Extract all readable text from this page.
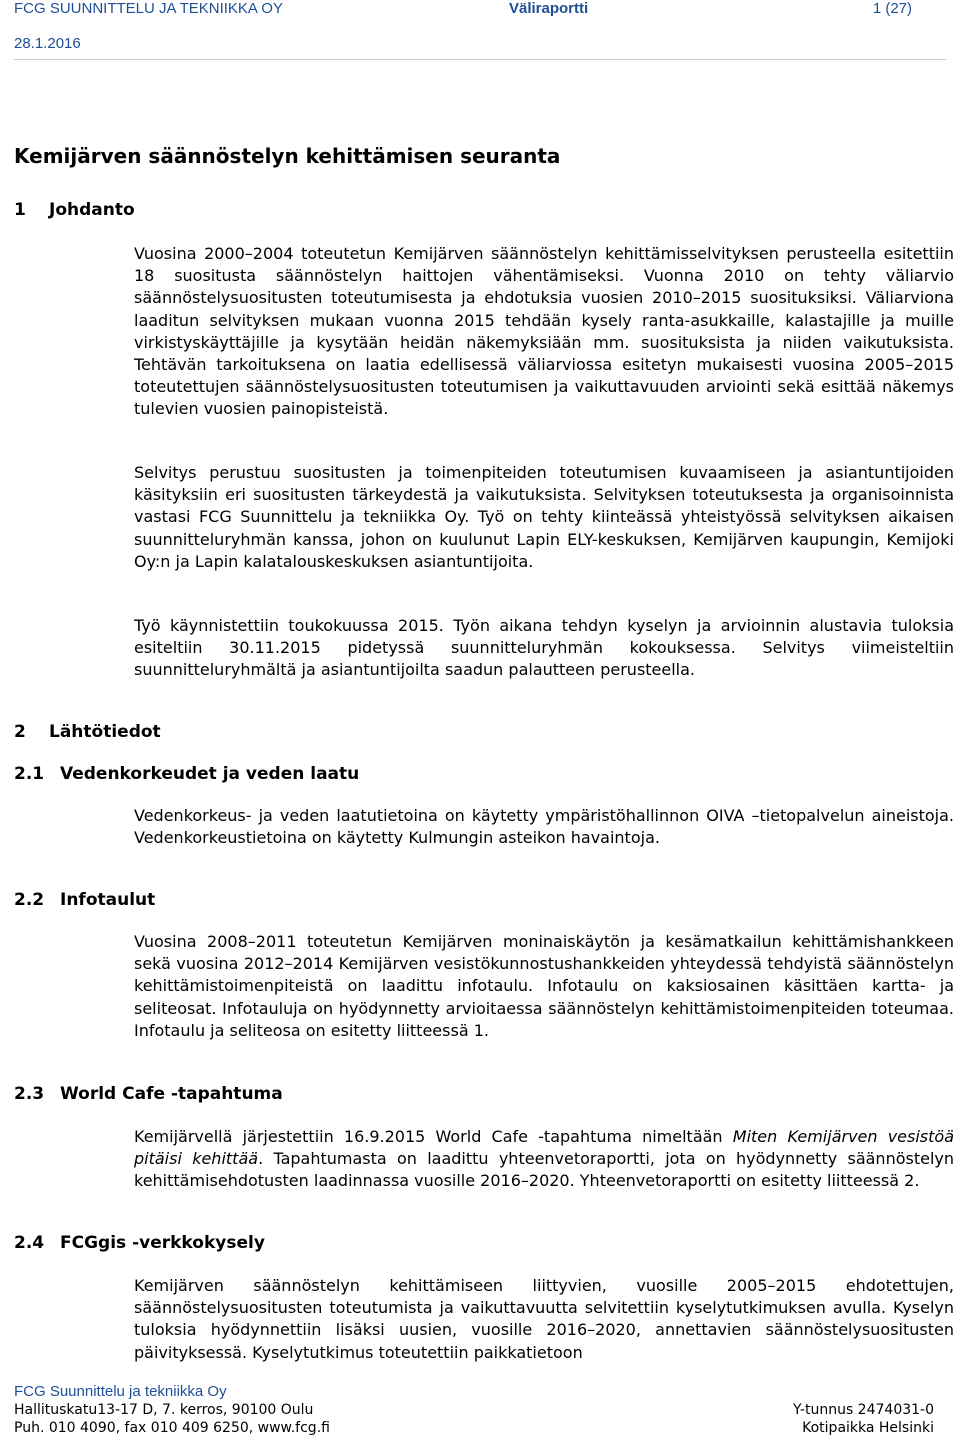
FCG SUUNNITTELU JA TEKNIIKKA OY	Väliraportti	1 (27)
28.1.2016
Kemijärven säännöstelyn kehittämisen seuranta
1 Johdanto
Vuosina 2000–2004 toteutetun Kemijärven säännöstelyn kehittämisselvityksen perusteella esitettiin 18 suositusta säännöstelyn haittojen vähentämiseksi. Vuonna 2010 on tehty väliarvio säännöstelysuositusten toteutumisesta ja ehdotuksia vuosien 2010–2015 suosituksiksi. Väliarviona laaditun selvityksen mukaan vuonna 2015 tehdään kysely ranta-asukkaille, kalastajille ja muille virkistyskäyttäjille ja kysytään heidän näkemyksiään mm. suosituksista ja niiden vaikutuksista. Tehtävän tarkoituksena on laatia edellisessä väliarviossa esitetyn mukaisesti vuosina 2005–2015 toteutettujen säännöstelysuositusten toteutumisen ja vaikuttavuuden arviointi sekä esittää näkemys tulevien vuosien painopisteistä.
Selvitys perustuu suositusten ja toimenpiteiden toteutumisen kuvaamiseen ja asiantuntijoiden käsityksiin eri suositusten tärkeydestä ja vaikutuksista. Selvityksen toteutuksesta ja organisoinnista vastasi FCG Suunnittelu ja tekniikka Oy. Työ on tehty kiinteässä yhteistyössä selvityksen aikaisen suunnitteluryhmän kanssa, johon on kuulunut Lapin ELY-keskuksen, Kemijärven kaupungin, Kemijoki Oy:n ja Lapin kalatalouskeskuksen asiantuntijoita.
Työ käynnistettiin toukokuussa 2015. Työn aikana tehdyn kyselyn ja arvioinnin alustavia tuloksia esiteltiin 30.11.2015 pidetyssä suunnitteluryhmän kokouksessa. Selvitys viimeisteltiin suunnitteluryhmältä ja asiantuntijoilta saadun palautteen perusteella.
2 Lähtötiedot
2.1 Vedenkorkeudet ja veden laatu
Vedenkorkeus- ja veden laatutietoina on käytetty ympäristöhallinnon OIVA –tietopalvelun aineistoja. Vedenkorkeustietoina on käytetty Kulmungin asteikon havaintoja.
2.2 Infotaulut
Vuosina 2008–2011 toteutetun Kemijärven moninaiskäytön ja kesämatkailun kehittämishankkeen sekä vuosina 2012–2014 Kemijärven vesistökunnostushankkeiden yhteydessä tehdyistä säännöstelyn kehittämistoimenpiteistä on laadittu infotaulu. Infotaulu on kaksiosainen käsittäen kartta- ja seliteosat. Infotauluja on hyödynnetty arvioitaessa säännöstelyn kehittämistoimenpiteiden toteumaa. Infotaulu ja seliteosa on esitetty liitteessä 1.
2.3 World Cafe -tapahtuma
Kemijärvellä järjestettiin 16.9.2015 World Cafe -tapahtuma nimeltään Miten Kemijärven vesistöä pitäisi kehittää. Tapahtumasta on laadittu yhteenvetoraportti, jota on hyödynnetty säännöstelyn kehittämisehdotusten laadinnassa vuosille 2016–2020. Yhteenvetoraportti on esitetty liitteessä 2.
2.4 FCGgis -verkkokysely
Kemijärven säännöstelyn kehittämiseen liittyvien, vuosille 2005–2015 ehdotettujen, säännöstelysuositusten toteutumista ja vaikuttavuutta selvitettiin kyselytutkimuksen avulla. Kyselyn tuloksia hyödynnettiin lisäksi uusien, vuosille 2016–2020, annettavien säännöstelysuositusten päivityksessä. Kyselytutkimus toteutettiin paikkatietoon
FCG Suunnittelu ja tekniikka Oy
Hallituskatu13-17 D, 7. kerros, 90100 Oulu
Puh. 010 4090, fax 010 409 6250, www.fcg.fi
Y-tunnus 2474031-0
Kotipaikka Helsinki
